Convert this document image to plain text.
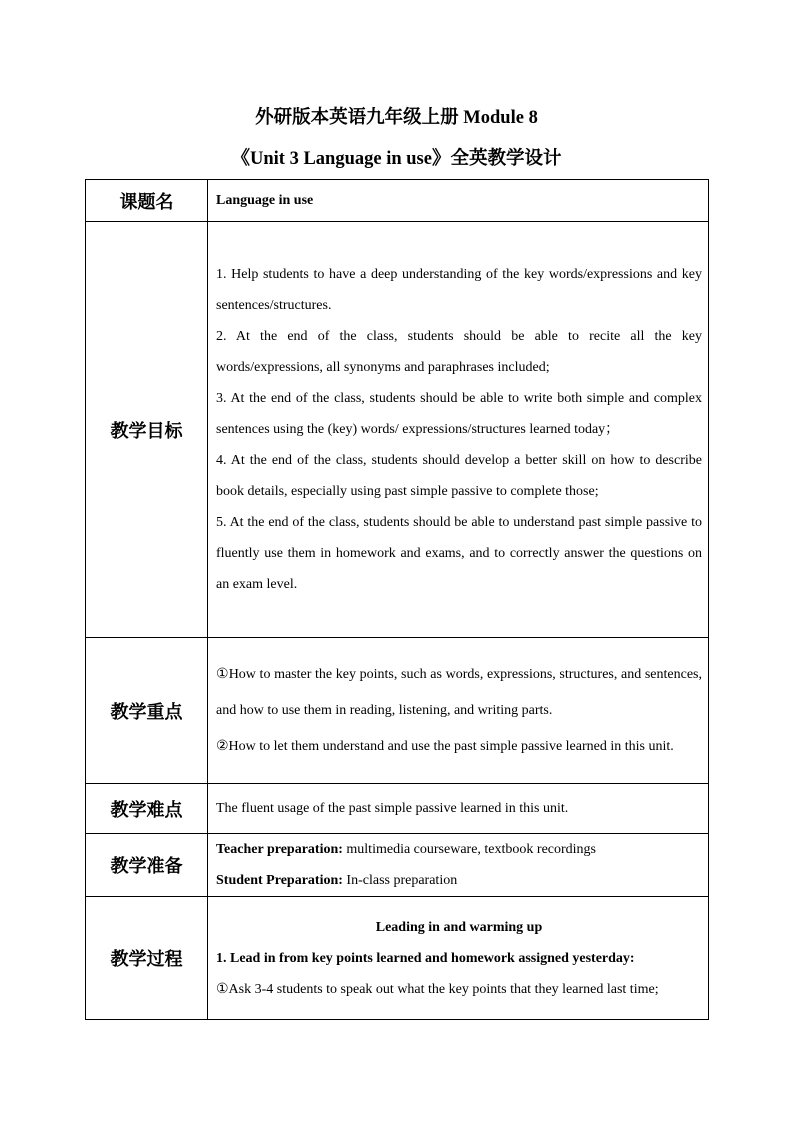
外研版本英语九年级上册 Module 8
《Unit 3 Language in use》全英教学设计
课题名	Language in use
教学目标	1. Help students to have a deep understanding of the key words/expressions and key sentences/structures.
2. At the end of the class, students should be able to recite all the key words/expressions, all synonyms and paraphrases included;
3. At the end of the class, students should be able to write both simple and complex sentences using the (key) words/ expressions/structures learned today；
4. At the end of the class, students should develop a better skill on how to describe book details, especially using past simple passive to complete those;
5. At the end of the class, students should be able to understand past simple passive to fluently use them in homework and exams, and to correctly answer the questions on an exam level.

教学重点	①How to master the key points, such as words, expressions, structures, and sentences, and how to use them in reading, listening, and writing parts.
②How to let them understand and use the past simple passive learned in this unit.

教学难点	The fluent usage of the past simple passive learned in this unit.
教学准备	Teacher preparation: multimedia courseware, textbook recordings
Student Preparation: In-class preparation

教学过程	Leading in and warming up
1. Lead in from key points learned and homework assigned yesterday:
①Ask 3-4 students to speak out what the key points that they learned last time;
